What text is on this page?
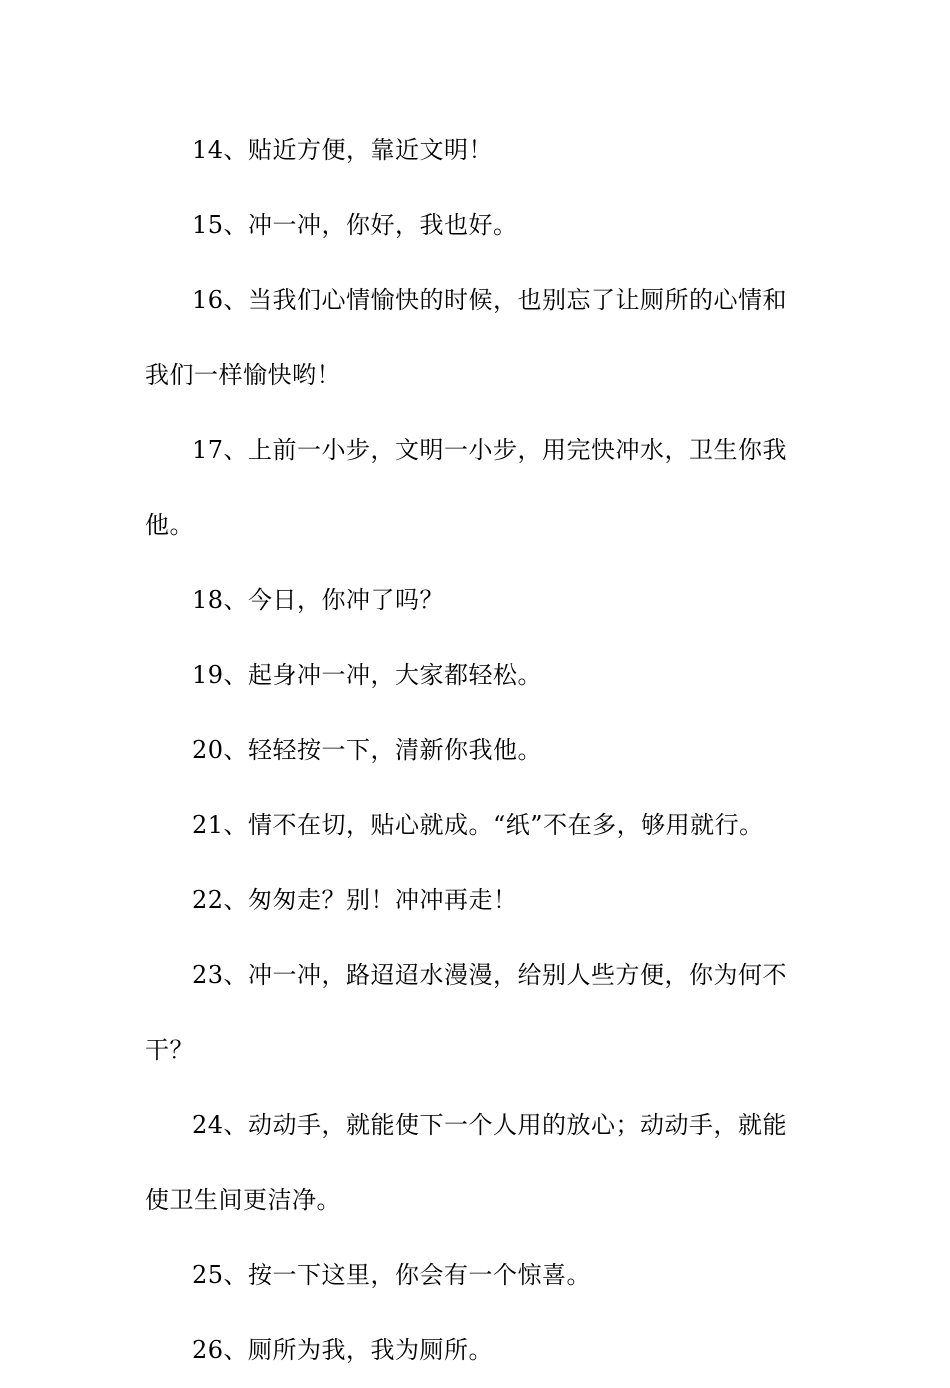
14、贴近方便，靠近文明！

15、冲一冲，你好，我也好。

16、当我们心情愉快的时候，也别忘了让厕所的心情和我们一样愉快哟！

17、上前一小步，文明一小步，用完快冲水，卫生你我他。

18、今日，你冲了吗？

19、起身冲一冲，大家都轻松。

20、轻轻按一下，清新你我他。

21、情不在切，贴心就成。“纸”不在多，够用就行。

22、匆匆走？别！冲冲再走！

23、冲一冲，路迢迢水漫漫，给别人些方便，你为何不干？

24、动动手，就能使下一个人用的放心；动动手，就能使卫生间更洁净。

25、按一下这里，你会有一个惊喜。

26、厕所为我，我为厕所。
